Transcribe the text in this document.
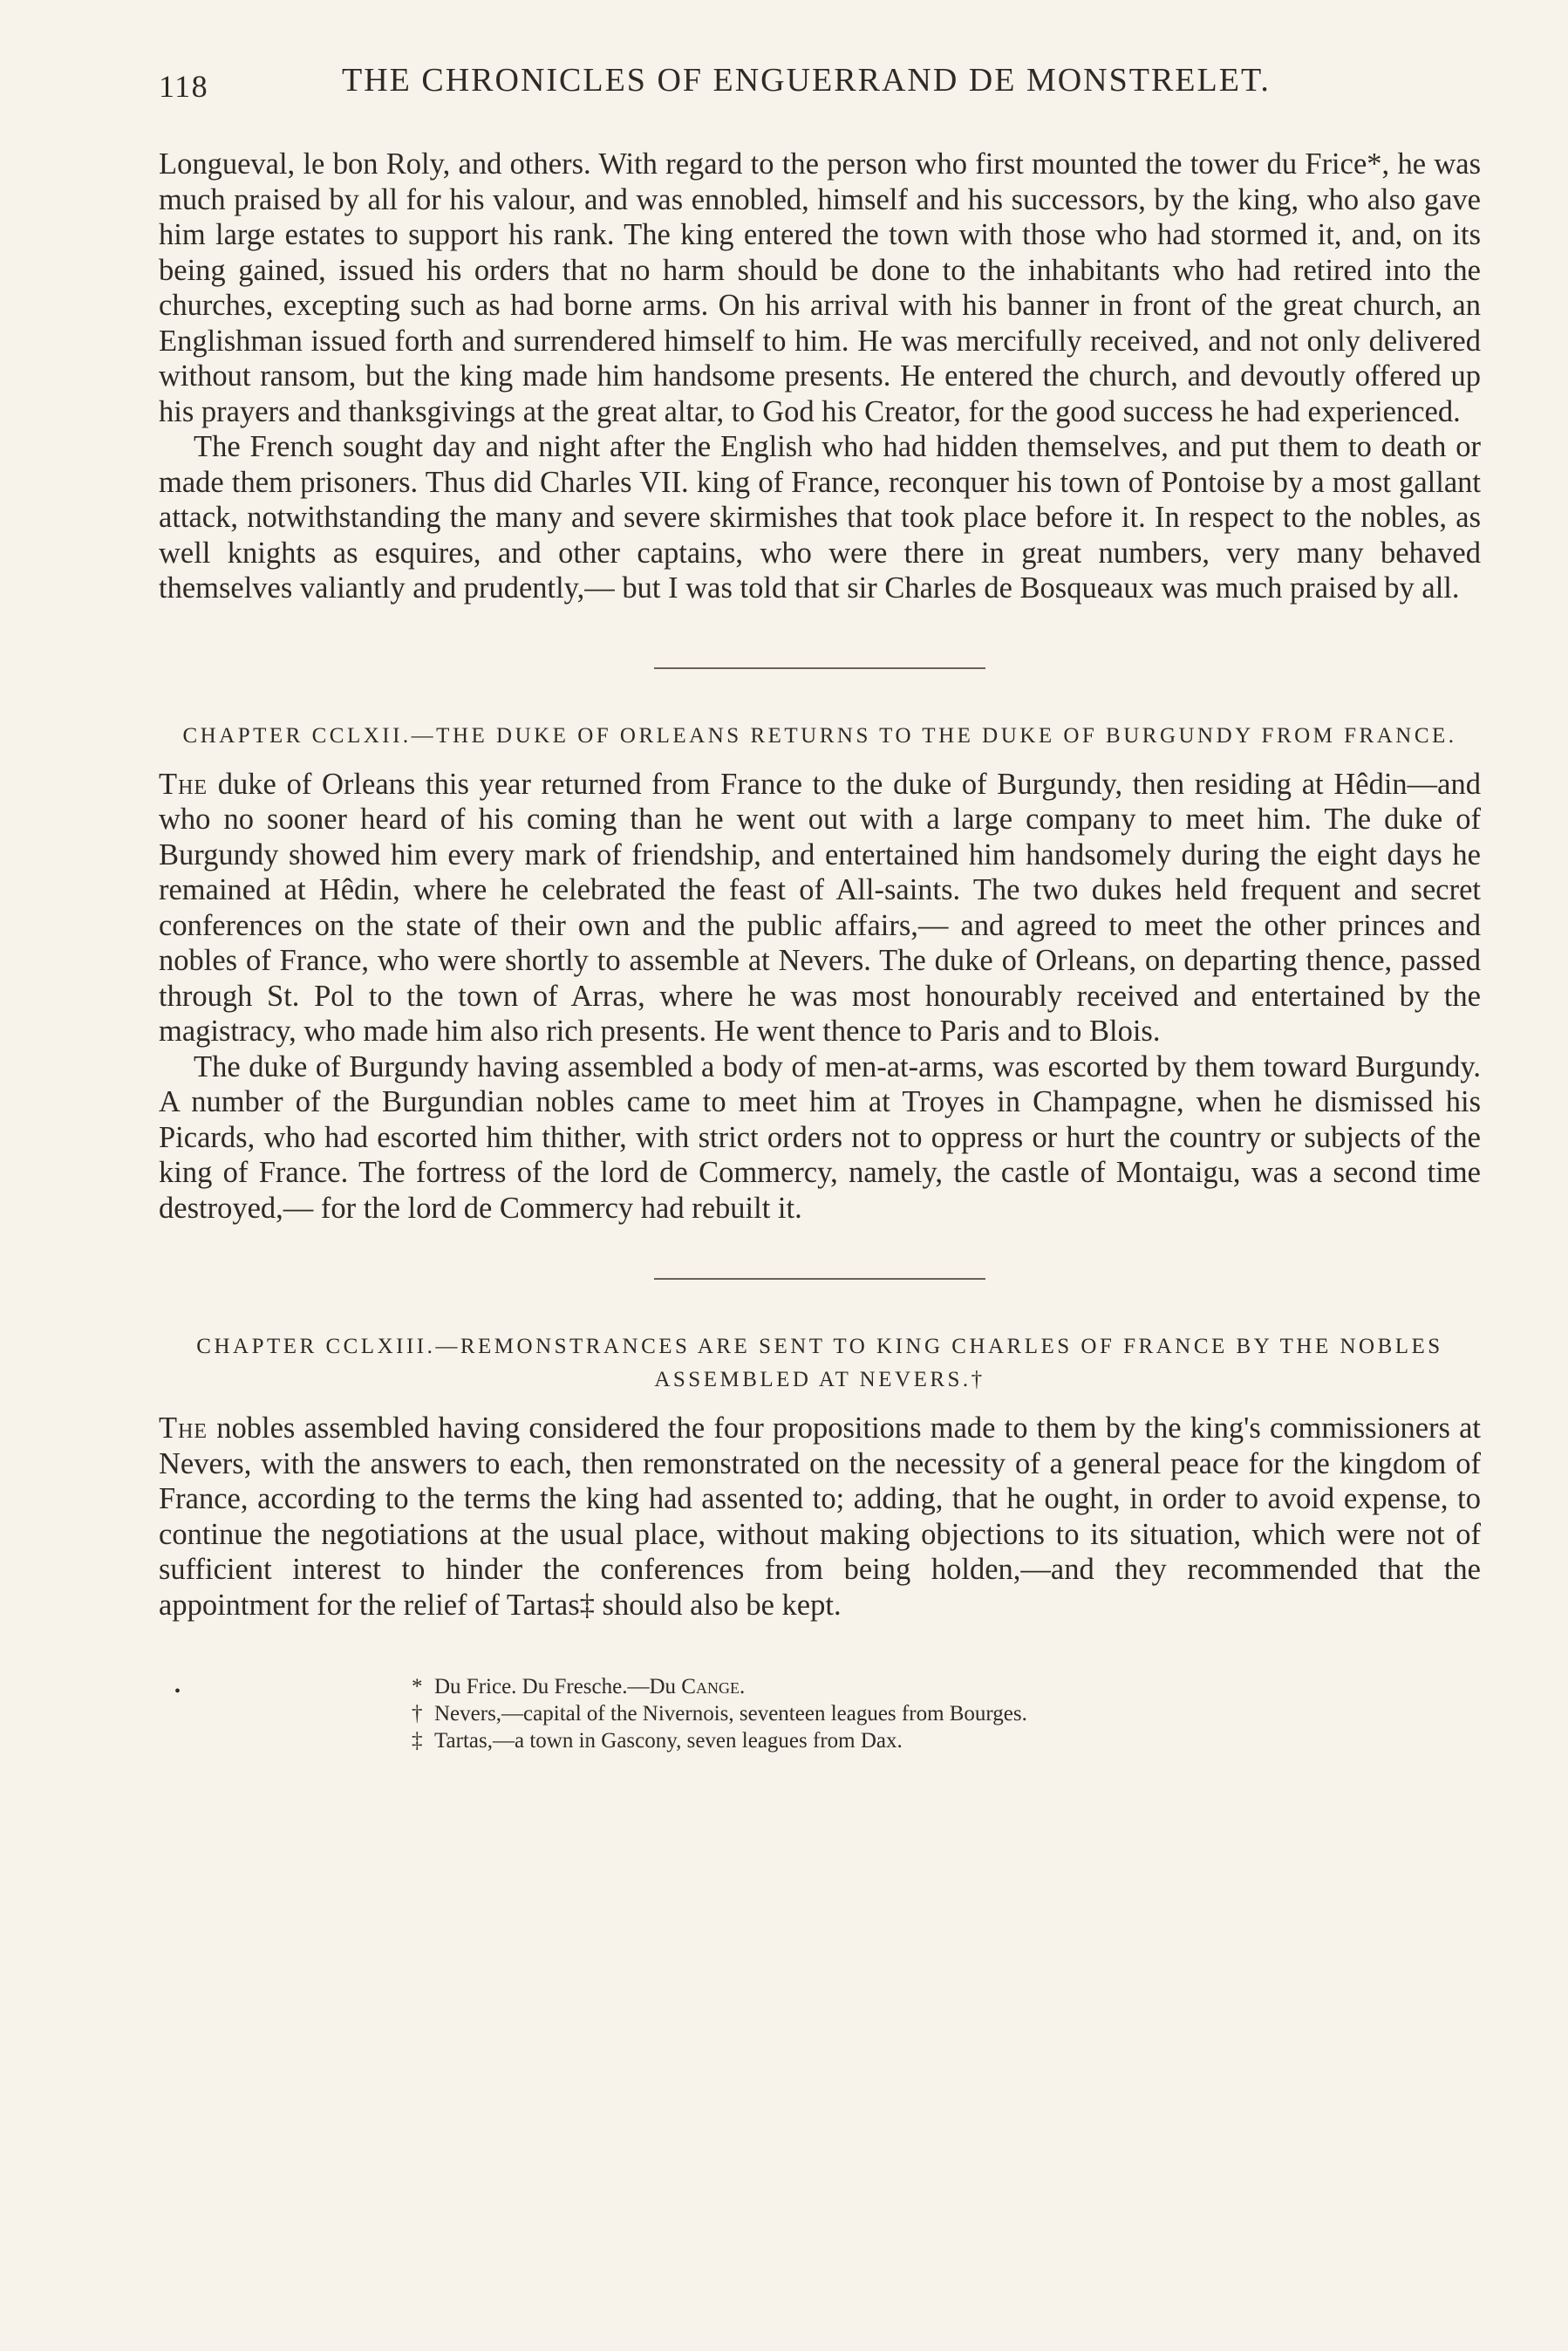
118	THE CHRONICLES OF ENGUERRAND DE MONSTRELET.

Longueval, le bon Roly, and others. With regard to the person who first mounted the tower du Frice*, he was much praised by all for his valour, and was ennobled, himself and his successors, by the king, who also gave him large estates to support his rank. The king entered the town with those who had stormed it, and, on its being gained, issued his orders that no harm should be done to the inhabitants who had retired into the churches, excepting such as had borne arms. On his arrival with his banner in front of the great church, an Englishman issued forth and surrendered himself to him. He was mercifully received, and not only delivered without ransom, but the king made him handsome presents. He entered the church, and devoutly offered up his prayers and thanksgivings at the great altar, to God his Creator, for the good success he had experienced.

The French sought day and night after the English who had hidden themselves, and put them to death or made them prisoners. Thus did Charles VII. king of France, reconquer his town of Pontoise by a most gallant attack, notwithstanding the many and severe skirmishes that took place before it. In respect to the nobles, as well knights as esquires, and other captains, who were there in great numbers, very many behaved themselves valiantly and prudently,— but I was told that sir Charles de Bosqueaux was much praised by all.

CHAPTER CCLXII.—THE DUKE OF ORLEANS RETURNS TO THE DUKE OF BURGUNDY FROM FRANCE.

The duke of Orleans this year returned from France to the duke of Burgundy, then residing at Hêdin—and who no sooner heard of his coming than he went out with a large company to meet him. The duke of Burgundy showed him every mark of friendship, and entertained him handsomely during the eight days he remained at Hêdin, where he celebrated the feast of All-saints. The two dukes held frequent and secret conferences on the state of their own and the public affairs,— and agreed to meet the other princes and nobles of France, who were shortly to assemble at Nevers. The duke of Orleans, on departing thence, passed through St. Pol to the town of Arras, where he was most honourably received and entertained by the magistracy, who made him also rich presents. He went thence to Paris and to Blois.

The duke of Burgundy having assembled a body of men-at-arms, was escorted by them toward Burgundy. A number of the Burgundian nobles came to meet him at Troyes in Champagne, when he dismissed his Picards, who had escorted him thither, with strict orders not to oppress or hurt the country or subjects of the king of France. The fortress of the lord de Commercy, namely, the castle of Montaigu, was a second time destroyed,— for the lord de Commercy had rebuilt it.

CHAPTER CCLXIII.—REMONSTRANCES ARE SENT TO KING CHARLES OF FRANCE BY THE NOBLES ASSEMBLED AT NEVERS.†

The nobles assembled having considered the four propositions made to them by the king's commissioners at Nevers, with the answers to each, then remonstrated on the necessity of a general peace for the kingdom of France, according to the terms the king had assented to; adding, that he ought, in order to avoid expense, to continue the negotiations at the usual place, without making objections to its situation, which were not of sufficient interest to hinder the conferences from being holden,—and they recommended that the appointment for the relief of Tartas‡ should also be kept.

•	* Du Frice. Du Fresche.—Du Cange.
† Nevers,—capital of the Nivernois, seventeen leagues from Bourges.
‡ Tartas,—a town in Gascony, seven leagues from Dax.
